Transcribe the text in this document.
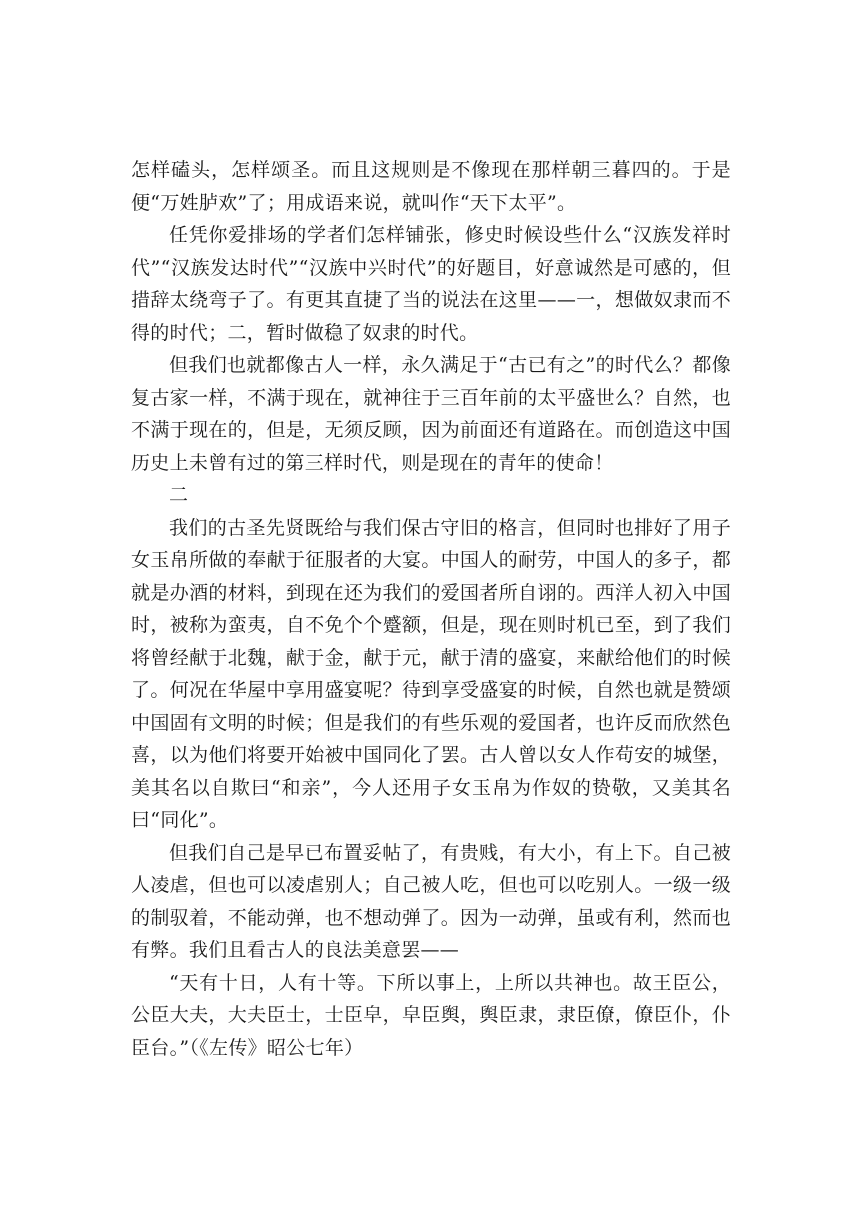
怎样磕头，怎样颂圣。而且这规则是不像现在那样朝三暮四的。于是便“万姓胪欢”了；用成语来说，就叫作“天下太平”。

任凭你爱排场的学者们怎样铺张，修史时候设些什么“汉族发祥时代”“汉族发达时代”“汉族中兴时代”的好题目，好意诚然是可感的，但措辞太绕弯子了。有更其直捷了当的说法在这里——一，想做奴隶而不得的时代；二，暂时做稳了奴隶的时代。

但我们也就都像古人一样，永久满足于“古已有之”的时代么？都像复古家一样，不满于现在，就神往于三百年前的太平盛世么？自然，也不满于现在的，但是，无须反顾，因为前面还有道路在。而创造这中国历史上未曾有过的第三样时代，则是现在的青年的使命！

二

我们的古圣先贤既给与我们保古守旧的格言，但同时也排好了用子女玉帛所做的奉献于征服者的大宴。中国人的耐劳，中国人的多子，都就是办酒的材料，到现在还为我们的爱国者所自诩的。西洋人初入中国时，被称为蛮夷，自不免个个蹙额，但是，现在则时机已至，到了我们将曾经献于北魏，献于金，献于元，献于清的盛宴，来献给他们的时候了。何况在华屋中享用盛宴呢？待到享受盛宴的时候，自然也就是赞颂中国固有文明的时候；但是我们的有些乐观的爱国者，也许反而欣然色喜，以为他们将要开始被中国同化了罢。古人曾以女人作苟安的城堡，美其名以自欺曰“和亲”，今人还用子女玉帛为作奴的贽敬，又美其名曰“同化”。

但我们自己是早已布置妥帖了，有贵贱，有大小，有上下。自己被人凌虐，但也可以凌虐别人；自己被人吃，但也可以吃别人。一级一级的制驭着，不能动弹，也不想动弹了。因为一动弹，虽或有利，然而也有弊。我们且看古人的良法美意罢——

“天有十日，人有十等。下所以事上，上所以共神也。故王臣公，公臣大夫，大夫臣士，士臣皁，皁臣舆，舆臣隶，隶臣僚，僚臣仆，仆臣台。”（《左传》昭公七年）
